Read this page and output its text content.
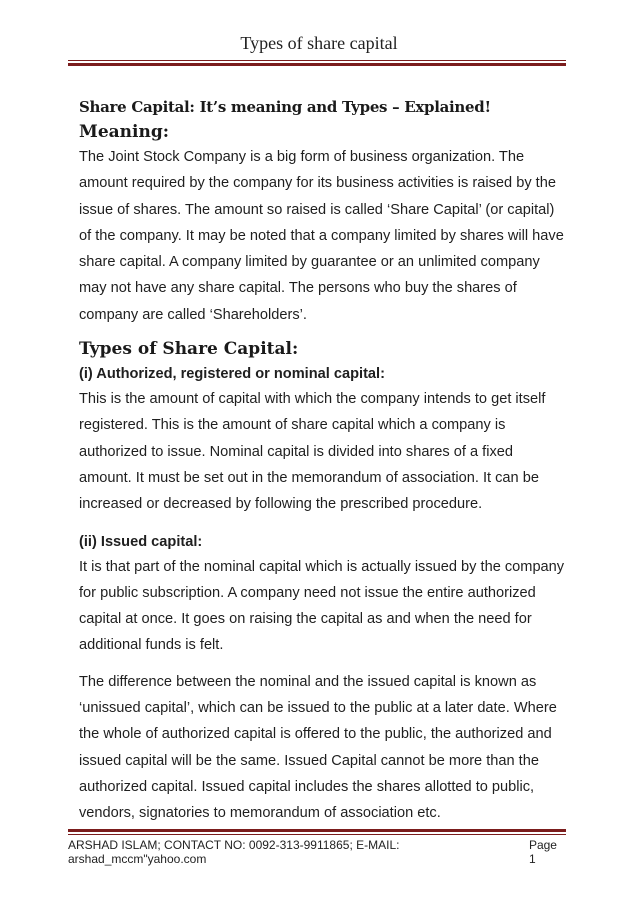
Types of share capital
Share Capital: It’s meaning and Types – Explained!
Meaning:

The Joint Stock Company is a big form of business organization. The

amount required by the company for its business activities is raised by the

issue of shares. The amount so raised is called ‘Share Capital’ (or capital)

of the company. It may be noted that a company limited by shares will have

share capital. A company limited by guarantee or an unlimited company

may not have any share capital. The persons who buy the shares of

company are called ‘Shareholders’.

Types of Share Capital:

(i) Authorized, registered or nominal capital:

This is the amount of capital with which the company intends to get itself

registered. This is the amount of share capital which a company is

authorized to issue. Nominal capital is divided into shares of a fixed

amount. It must be set out in the memorandum of association. It can be

increased or decreased by following the prescribed procedure.

(ii) Issued capital:

It is that part of the nominal capital which is actually issued by the company

for public subscription. A company need not issue the entire authorized

capital at once. It goes on raising the capital as and when the need for

additional funds is felt.

The difference between the nominal and the issued capital is known as

‘unissued capital’, which can be issued to the public at a later date. Where

the whole of authorized capital is offered to the public, the authorized and

issued capital will be the same. Issued Capital cannot be more than the

authorized capital. Issued capital includes the shares allotted to public,

vendors, signatories to memorandum of association etc.

ARSHAD ISLAM; CONTACT NO: 0092-313-9911865; E-MAIL: arshad_mccm"yahoo.com
Page 1
